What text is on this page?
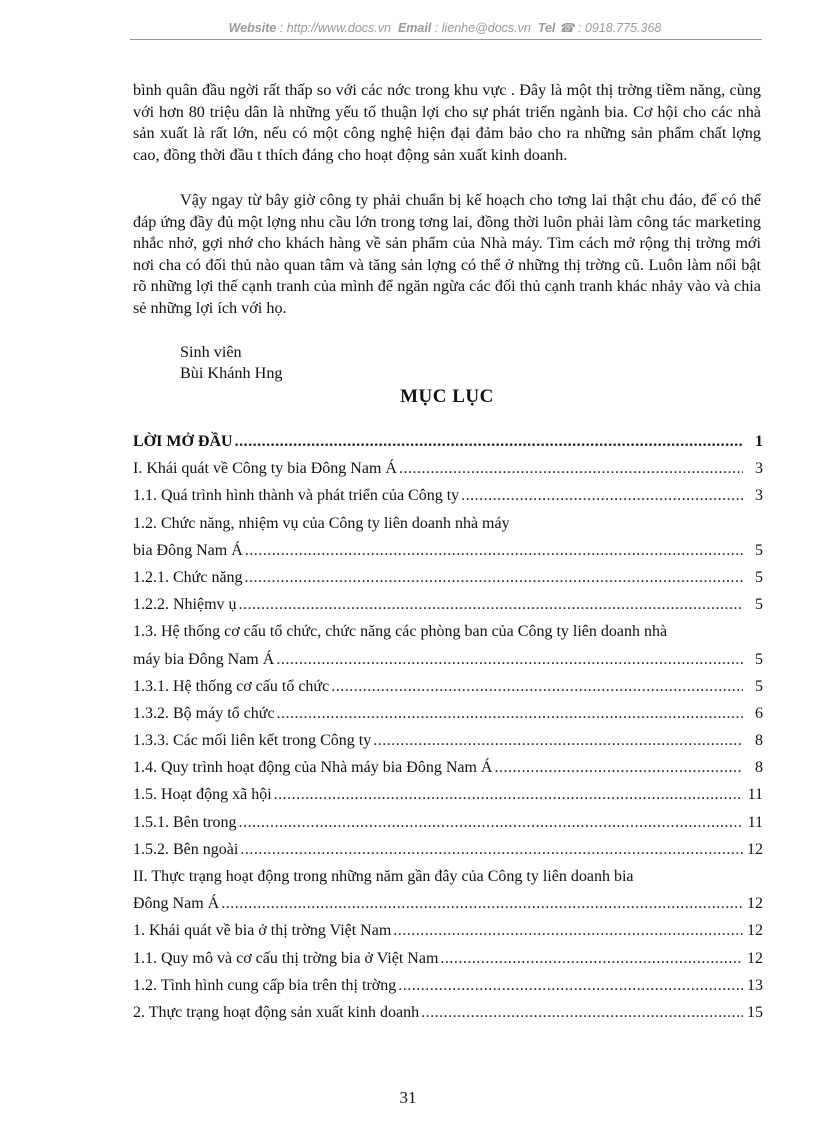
Website : http://www.docs.vn Email : lienhe@docs.vn Tel ☎ : 0918.775.368

bình quân đầu ngời rất thấp so với các nớc trong khu vực . Đây là một thị trờng tiềm năng, cùng với hơn 80 triệu dân là những yếu tố thuận lợi cho sự phát triển ngành bia. Cơ hội cho các nhà sản xuất là rất lớn, nếu có một công nghệ hiện đại đảm bảo cho ra những sản phẩm chất lợng cao, đồng thời đầu t thích đáng cho hoạt động sản xuất kinh doanh.

Vậy ngay từ bây giờ công ty phải chuẩn bị kế hoạch cho tơng lai thật chu đáo, để có thể đáp ứng đầy đủ một lợng nhu cầu lớn trong tơng lai, đồng thời luôn phải làm công tác marketing nhắc nhở, gợi nhớ cho khách hàng về sản phẩm của Nhà máy. Tìm cách mở rộng thị trờng mới nơi cha có đối thủ nào quan tâm và tăng sản lợng có thể ở những thị trờng cũ. Luôn làm nổi bật rõ những lợi thế cạnh tranh của mình để ngăn ngừa các đối thủ cạnh tranh khác nhảy vào và chia sẻ những lợi ích với họ.

Sinh viên
Bùi Khánh Hng
MỤC LỤC
LỜI MỞ ĐẦU .....	1
I. Khái quát về Công ty bia Đông Nam Á .....	3
1.1. Quá trình hình thành và phát triển của Công ty .....	3
1.2. Chức năng, nhiệm vụ của Công ty liên doanh nhà máy
bia Đông Nam Á .....	5
1.2.1. Chức năng .....	5
1.2.2. Nhiệmv ụ .....	5
1.3. Hệ thống cơ cấu tổ chức, chức năng các phòng ban của Công ty liên doanh nhà
máy bia Đông Nam Á .....	5
1.3.1. Hệ thống cơ cấu tổ chức .....	5
1.3.2. Bộ máy tổ chức .....	6
1.3.3. Các mối liên kết trong Công ty .....	8
1.4. Quy trình hoạt động của Nhà máy bia Đông Nam Á .....	8
1.5. Hoạt động xã hội .....	11
1.5.1. Bên trong .....	11
1.5.2. Bên ngoài .....	12
II. Thực trạng hoạt động trong những năm gần đây của Công ty liên doanh bia
Đông Nam Á .....	12
1. Khái quát về bia ở thị trờng Việt Nam .....	12
1.1. Quy mô và cơ cấu thị trờng bia ở Việt Nam .....	12
1.2. Tình hình cung cấp bia trên thị trờng .....	13
2. Thực trạng hoạt động sản xuất kinh doanh .....	15
31
